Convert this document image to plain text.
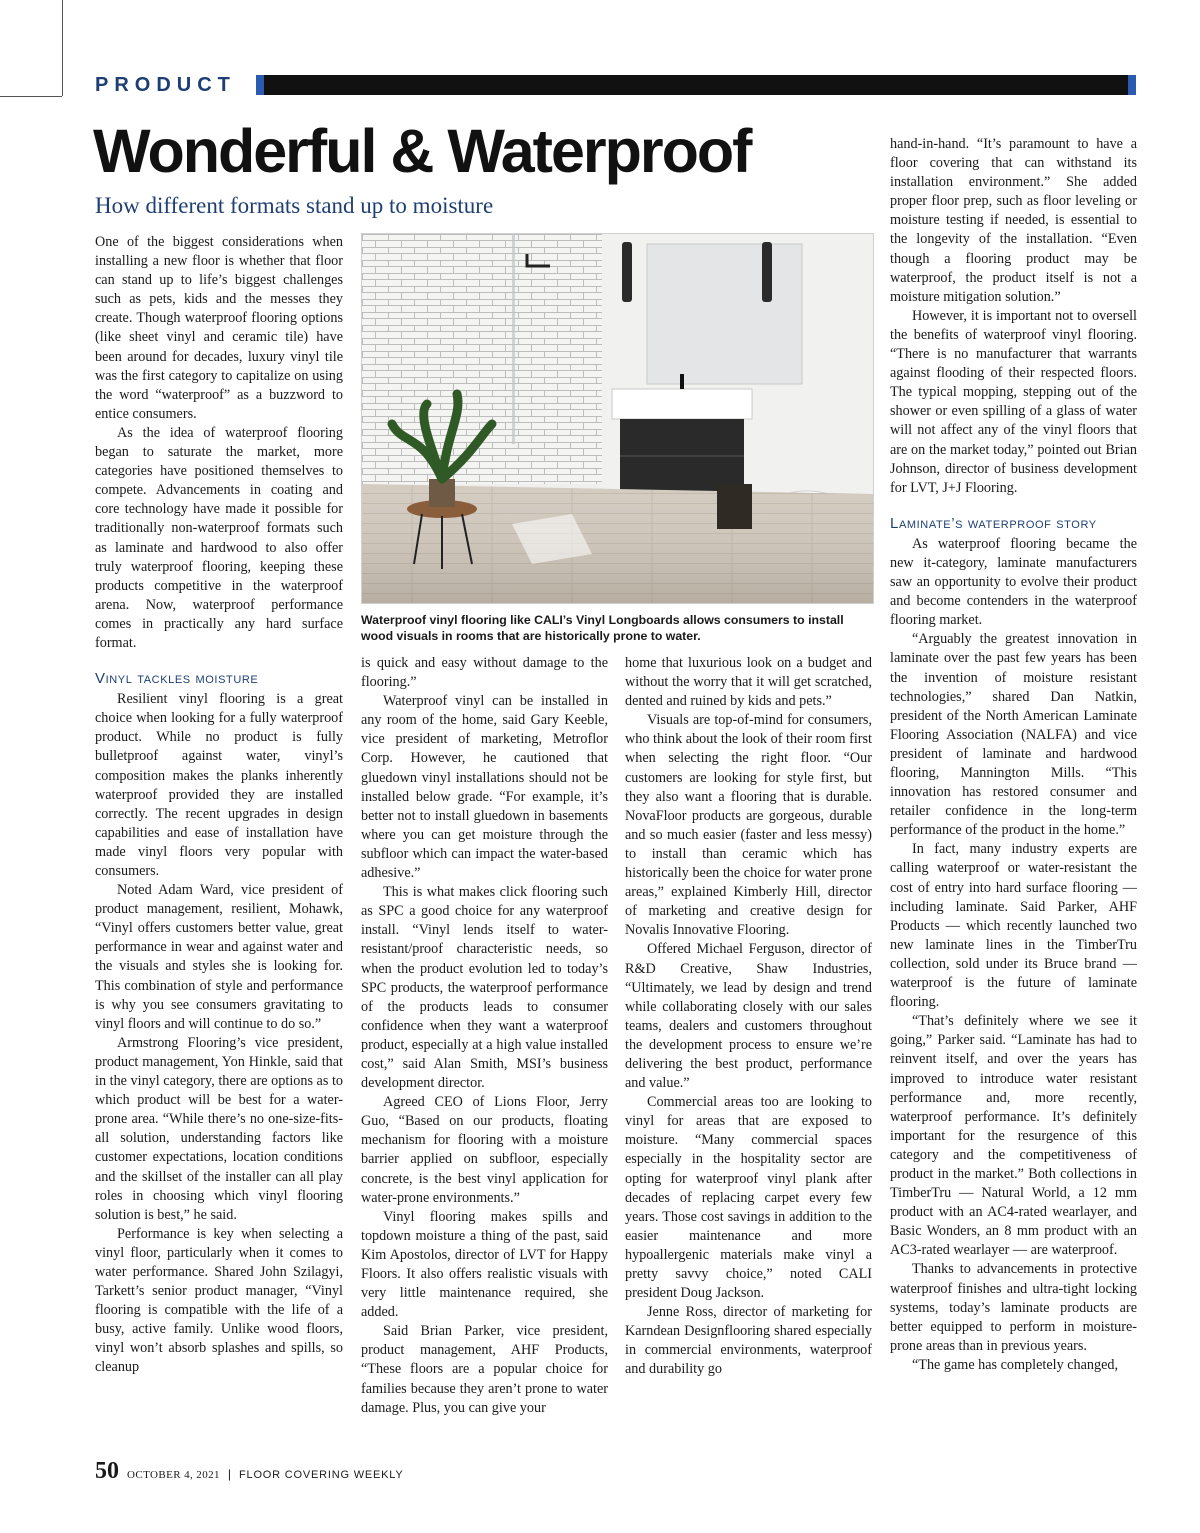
PRODUCT
Wonderful & Waterproof
How different formats stand up to moisture

One of the biggest considerations when installing a new floor is whether that floor can stand up to life’s biggest challenges such as pets, kids and the messes they create. Though waterproof flooring options (like sheet vinyl and ceramic tile) have been around for decades, luxury vinyl tile was the first category to capitalize on using the word “waterproof” as a buzzword to entice consumers.

As the idea of waterproof flooring began to saturate the market, more categories have positioned themselves to compete. Advancements in coating and core technology have made it possible for traditionally non-waterproof formats such as laminate and hardwood to also offer truly waterproof flooring, keeping these products competitive in the waterproof arena. Now, waterproof performance comes in practically any hard surface format.

Vinyl tackles moisture

Resilient vinyl flooring is a great choice when looking for a fully waterproof product. While no product is fully bulletproof against water, vinyl’s composition makes the planks inherently waterproof provided they are installed correctly. The recent upgrades in design capabilities and ease of installation have made vinyl floors very popular with consumers.

Noted Adam Ward, vice president of product management, resilient, Mohawk, “Vinyl offers customers better value, great performance in wear and against water and the visuals and styles she is looking for. This combination of style and performance is why you see consumers gravitating to vinyl floors and will continue to do so.”

Armstrong Flooring’s vice president, product management, Yon Hinkle, said that in the vinyl category, there are options as to which product will be best for a water-prone area. “While there’s no one-size-fits-all solution, understanding factors like customer expectations, location conditions and the skillset of the installer can all play roles in choosing which vinyl flooring solution is best,” he said.

Performance is key when selecting a vinyl floor, particularly when it comes to water performance. Shared John Szilagyi, Tarkett’s senior product manager, “Vinyl flooring is compatible with the life of a busy, active family. Unlike wood floors, vinyl won’t absorb splashes and spills, so cleanup

Waterproof vinyl flooring like CALI’s Vinyl Longboards allows consumers to install wood visuals in rooms that are historically prone to water.

is quick and easy without damage to the flooring.”

Waterproof vinyl can be installed in any room of the home, said Gary Keeble, vice president of marketing, Metroflor Corp. However, he cautioned that gluedown vinyl installations should not be installed below grade. “For example, it’s better not to install gluedown in basements where you can get moisture through the subfloor which can impact the water-based adhesive.”

This is what makes click flooring such as SPC a good choice for any waterproof install. “Vinyl lends itself to water-resistant/proof characteristic needs, so when the product evolution led to today’s SPC products, the waterproof performance of the products leads to consumer confidence when they want a waterproof product, especially at a high value installed cost,” said Alan Smith, MSI’s business development director.

Agreed CEO of Lions Floor, Jerry Guo, “Based on our products, floating mechanism for flooring with a moisture barrier applied on subfloor, especially concrete, is the best vinyl application for water-prone environments.”

Vinyl flooring makes spills and topdown moisture a thing of the past, said Kim Apostolos, director of LVT for Happy Floors. It also offers realistic visuals with very little maintenance required, she added.

Said Brian Parker, vice president, product management, AHF Products, “These floors are a popular choice for families because they aren’t prone to water damage. Plus, you can give your

home that luxurious look on a budget and without the worry that it will get scratched, dented and ruined by kids and pets.”

Visuals are top-of-mind for consumers, who think about the look of their room first when selecting the right floor. “Our customers are looking for style first, but they also want a flooring that is durable. NovaFloor products are gorgeous, durable and so much easier (faster and less messy) to install than ceramic which has historically been the choice for water prone areas,” explained Kimberly Hill, director of marketing and creative design for Novalis Innovative Flooring.

Offered Michael Ferguson, director of R&D Creative, Shaw Industries, “Ultimately, we lead by design and trend while collaborating closely with our sales teams, dealers and customers throughout the development process to ensure we’re delivering the best product, performance and value.”

Commercial areas too are looking to vinyl for areas that are exposed to moisture. “Many commercial spaces especially in the hospitality sector are opting for waterproof vinyl plank after decades of replacing carpet every few years. Those cost savings in addition to the easier maintenance and more hypoallergenic materials make vinyl a pretty savvy choice,” noted CALI president Doug Jackson.

Jenne Ross, director of marketing for Karndean Designflooring shared especially in commercial environments, waterproof and durability go

hand-in-hand. “It’s paramount to have a floor covering that can withstand its installation environment.” She added proper floor prep, such as floor leveling or moisture testing if needed, is essential to the longevity of the installation. “Even though a flooring product may be waterproof, the product itself is not a moisture mitigation solution.”

However, it is important not to oversell the benefits of waterproof vinyl flooring. “There is no manufacturer that warrants against flooding of their respected floors. The typical mopping, stepping out of the shower or even spilling of a glass of water will not affect any of the vinyl floors that are on the market today,” pointed out Brian Johnson, director of business development for LVT, J+J Flooring.

Laminate’s waterproof story

As waterproof flooring became the new it-category, laminate manufacturers saw an opportunity to evolve their product and become contenders in the waterproof flooring market.

“Arguably the greatest innovation in laminate over the past few years has been the invention of moisture resistant technologies,” shared Dan Natkin, president of the North American Laminate Flooring Association (NALFA) and vice president of laminate and hardwood flooring, Mannington Mills. “This innovation has restored consumer and retailer confidence in the long-term performance of the product in the home.”

In fact, many industry experts are calling waterproof or water-resistant the cost of entry into hard surface flooring — including laminate. Said Parker, AHF Products — which recently launched two new laminate lines in the TimberTru collection, sold under its Bruce brand — waterproof is the future of laminate flooring.

“That’s definitely where we see it going,” Parker said. “Laminate has had to reinvent itself, and over the years has improved to introduce water resistant performance and, more recently, waterproof performance. It’s definitely important for the resurgence of this category and the competitiveness of product in the market.” Both collections in TimberTru — Natural World, a 12 mm product with an AC4-rated wearlayer, and Basic Wonders, an 8 mm product with an AC3-rated wearlayer — are waterproof.

Thanks to advancements in protective waterproof finishes and ultra-tight locking systems, today’s laminate products are better equipped to perform in moisture-prone areas than in previous years.

“The game has completely changed,

50 OCTOBER 4, 2021 | FLOOR COVERING WEEKLY
